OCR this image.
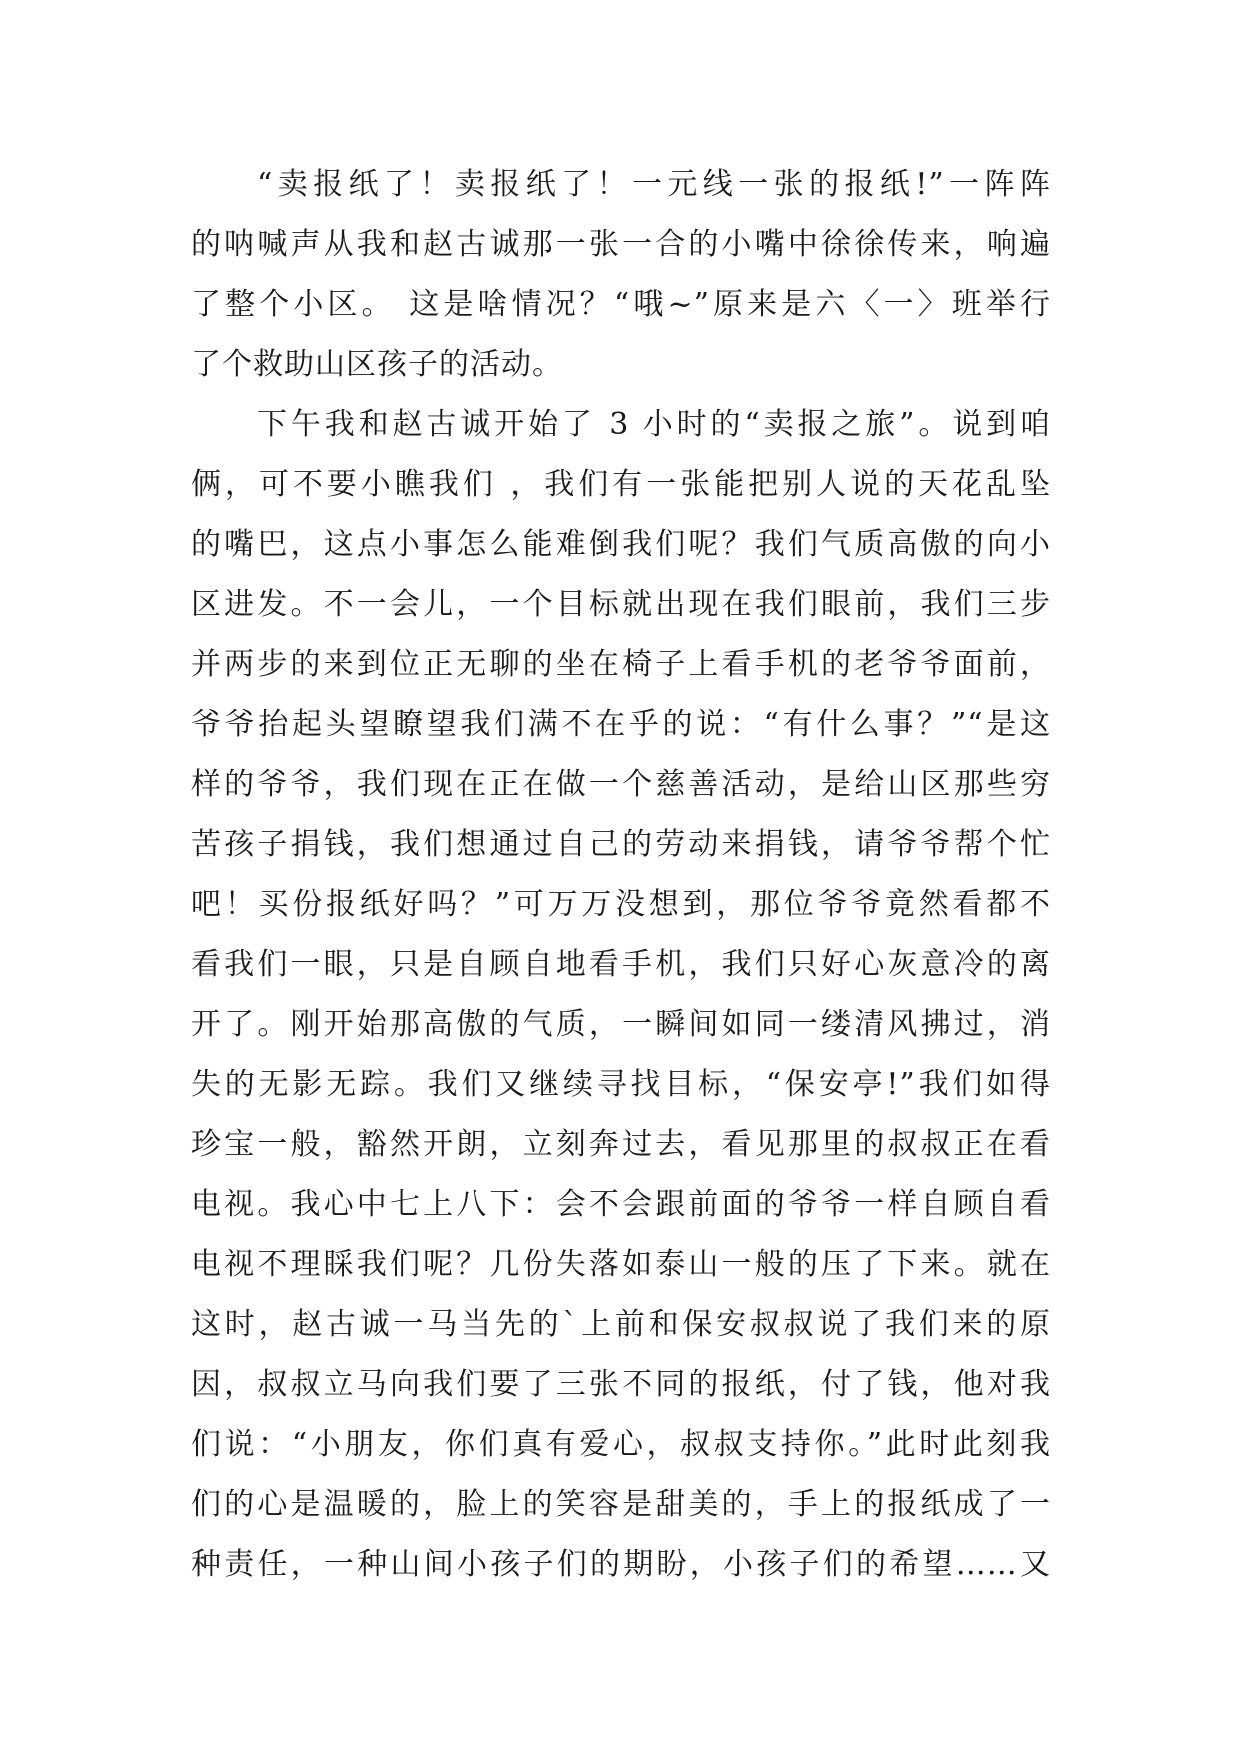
“卖报纸了！卖报纸了！一元线一张的报纸!”一阵阵
的呐喊声从我和赵古诚那一张一合的小嘴中徐徐传来，响遍
了整个小区。 这是啥情况？“哦~”原来是六〈一〉班举行
了个救助山区孩子的活动。
下午我和赵古诚开始了 3 小时的“卖报之旅”。说到咱
俩，可不要小瞧我们 ，我们有一张能把别人说的天花乱坠
的嘴巴，这点小事怎么能难倒我们呢？我们气质高傲的向小
区进发。不一会儿，一个目标就出现在我们眼前，我们三步
并两步的来到位正无聊的坐在椅子上看手机的老爷爷面前，
爷爷抬起头望瞭望我们满不在乎的说：“有什么事？”“是这
样的爷爷，我们现在正在做一个慈善活动，是给山区那些穷
苦孩子捐钱，我们想通过自己的劳动来捐钱，请爷爷帮个忙
吧！买份报纸好吗？”可万万没想到，那位爷爷竟然看都不
看我们一眼，只是自顾自地看手机，我们只好心灰意冷的离
开了。刚开始那高傲的气质，一瞬间如同一缕清风拂过，消
失的无影无踪。我们又继续寻找目标，“保安亭!”我们如得
珍宝一般，豁然开朗，立刻奔过去，看见那里的叔叔正在看
电视。我心中七上八下：会不会跟前面的爷爷一样自顾自看
电视不理睬我们呢？几份失落如泰山一般的压了下来。就在
这时，赵古诚一马当先的`上前和保安叔叔说了我们来的原
因，叔叔立马向我们要了三张不同的报纸，付了钱，他对我
们说：“小朋友，你们真有爱心，叔叔支持你。”此时此刻我
们的心是温暖的，脸上的笑容是甜美的，手上的报纸成了一
种责任，一种山间小孩子们的期盼，小孩子们的希望……又
